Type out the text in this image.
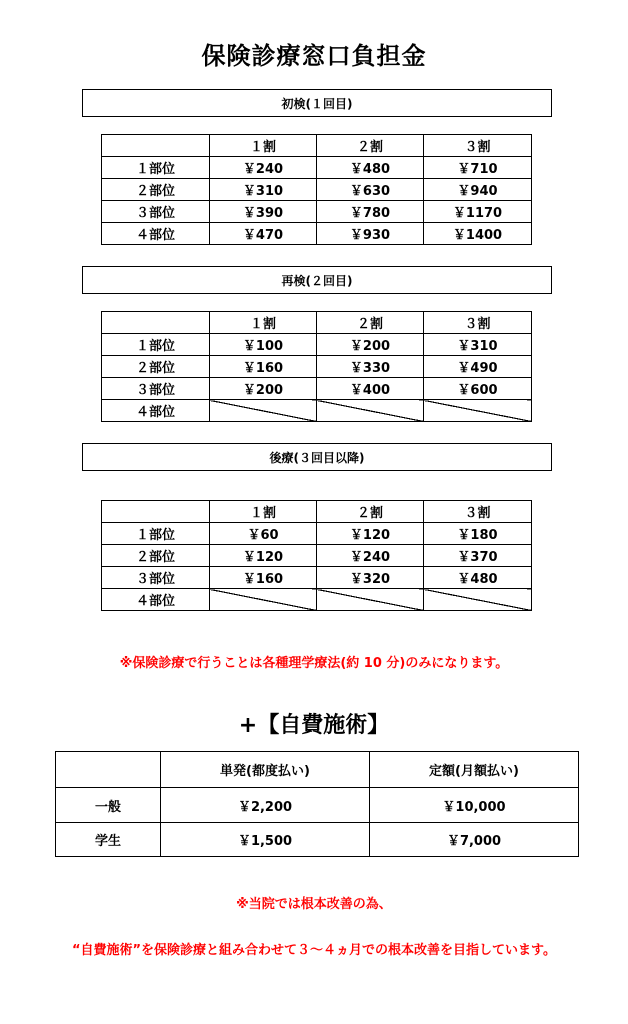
保険診療窓口負担金
初検(１回目)
	１割	２割	３割
１部位	￥240	￥480	￥710
２部位	￥310	￥630	￥940
３部位	￥390	￥780	￥1170
４部位	￥470	￥930	￥1400
再検(２回目)
	１割	２割	３割
１部位	￥100	￥200	￥310
２部位	￥160	￥330	￥490
３部位	￥200	￥400	￥600
４部位			
後療(３回目以降)
	１割	２割	３割
１部位	￥60	￥120	￥180
２部位	￥120	￥240	￥370
３部位	￥160	￥320	￥480
４部位			
※保険診療で行うことは各種理学療法(約 10 分)のみになります。
+【自費施術】
	単発(都度払い)	定額(月額払い)
一般	￥2,200	￥10,000
学生	￥1,500	￥7,000
※当院では根本改善の為、
“自費施術”を保険診療と組み合わせて３～４ヵ月での根本改善を目指しています。
